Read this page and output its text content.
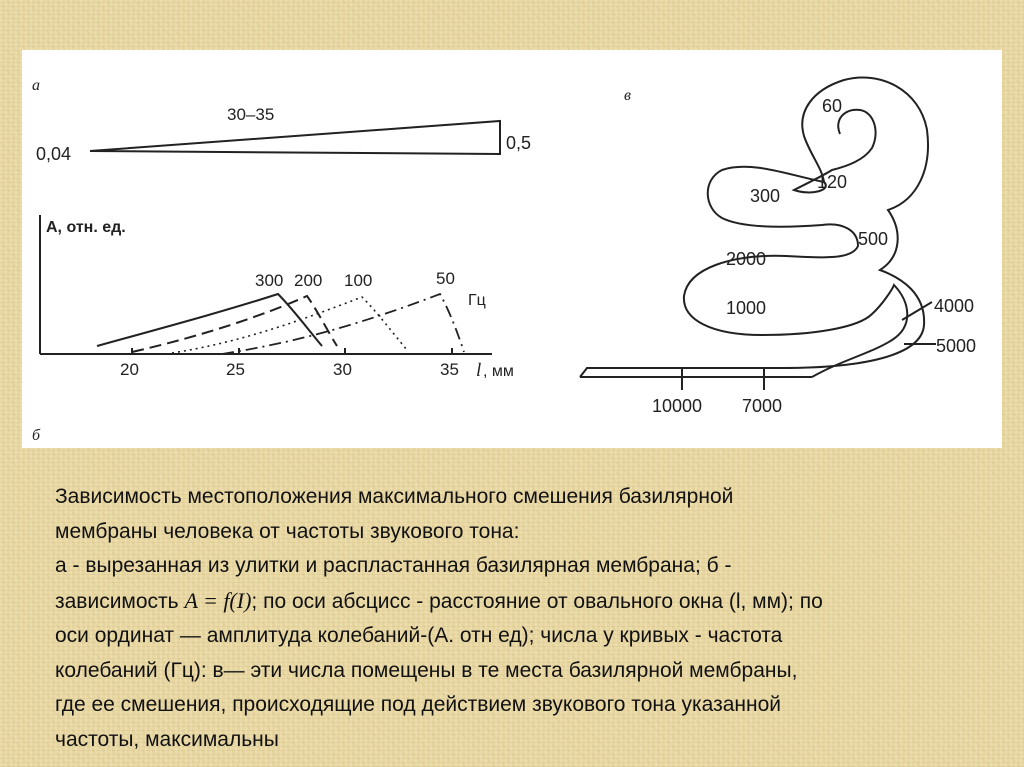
а
30–35
0,04
0,5
A, отн. ед.
20	25	30	35 l , мм
300 200 100	50
Гц
б
в
60
120
300
500
2000
1000	4000
5000
10000 7000

Зависимость местоположения максимального смешения базилярной

мембраны человека от частоты звукового тона:

а - вырезанная из улитки и распластанная базилярная мембрана; б -

зависимость A = f(I); по оси абсцисс - расстояние от овального окна (l, мм); по

оси ординат — амплитуда колебаний-(А. отн ед); числа у кривых - частота

колебаний (Гц): в— эти числа помещены в те места базилярной мембраны,

где ее смешения, происходящие под действием звукового тона указанной

частоты, максимальны
